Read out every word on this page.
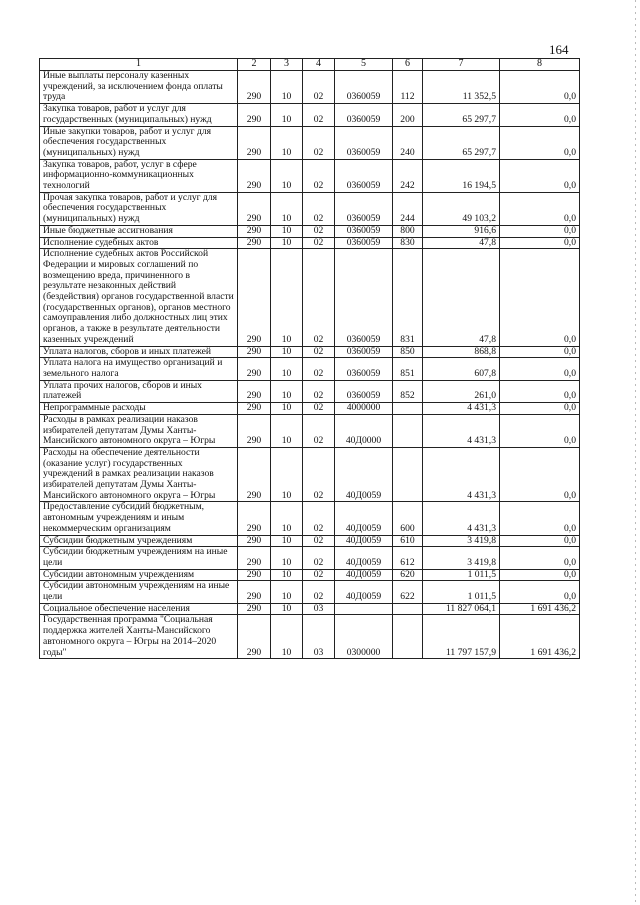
164
1	2	3	4	5	6	7	8
Иные выплаты персоналу казенных учреждений, за исключением фонда оплаты труда	290	10	02	0360059	112	11 352,5	0,0
Закупка товаров, работ и услуг для государственных (муниципальных) нужд	290	10	02	0360059	200	65 297,7	0,0
Иные закупки товаров, работ и услуг для обеспечения государственных (муниципальных) нужд	290	10	02	0360059	240	65 297,7	0,0
Закупка товаров, работ, услуг в сфере информационно-коммуникационных технологий	290	10	02	0360059	242	16 194,5	0,0
Прочая закупка товаров, работ и услуг для обеспечения государственных (муниципальных) нужд	290	10	02	0360059	244	49 103,2	0,0
Иные бюджетные ассигнования	290	10	02	0360059	800	916,6	0,0
Исполнение судебных актов	290	10	02	0360059	830	47,8	0,0
Исполнение судебных актов Российской Федерации и мировых соглашений по возмещению вреда, причиненного в результате незаконных действий (бездействия) органов государственной власти (государственных органов), органов местного самоуправления либо должностных лиц этих органов, а также в результате деятельности казенных учреждений	290	10	02	0360059	831	47,8	0,0
Уплата налогов, сборов и иных платежей	290	10	02	0360059	850	868,8	0,0
Уплата налога на имущество организаций и земельного налога	290	10	02	0360059	851	607,8	0,0
Уплата прочих налогов, сборов и иных платежей	290	10	02	0360059	852	261,0	0,0
Непрограммные расходы	290	10	02	4000000		4 431,3	0,0
Расходы в рамках реализации наказов избирателей депутатам Думы Ханты-Мансийского автономного округа – Югры	290	10	02	40Д0000		4 431,3	0,0
Расходы на обеспечение деятельности (оказание услуг) государственных учреждений в рамках реализации наказов избирателей депутатам Думы Ханты-Мансийского автономного округа – Югры	290	10	02	40Д0059		4 431,3	0,0
Предоставление субсидий бюджетным, автономным учреждениям и иным некоммерческим организациям	290	10	02	40Д0059	600	4 431,3	0,0
Субсидии бюджетным учреждениям	290	10	02	40Д0059	610	3 419,8	0,0
Субсидии бюджетным учреждениям на иные цели	290	10	02	40Д0059	612	3 419,8	0,0
Субсидии автономным учреждениям	290	10	02	40Д0059	620	1 011,5	0,0
Субсидии автономным учреждениям на иные цели	290	10	02	40Д0059	622	1 011,5	0,0
Социальное обеспечение населения	290	10	03			11 827 064,1	1 691 436,2
Государственная программа "Социальная поддержка жителей Ханты-Мансийского автономного округа – Югры на 2014–2020 годы"	290	10	03	0300000		11 797 157,9	1 691 436,2
